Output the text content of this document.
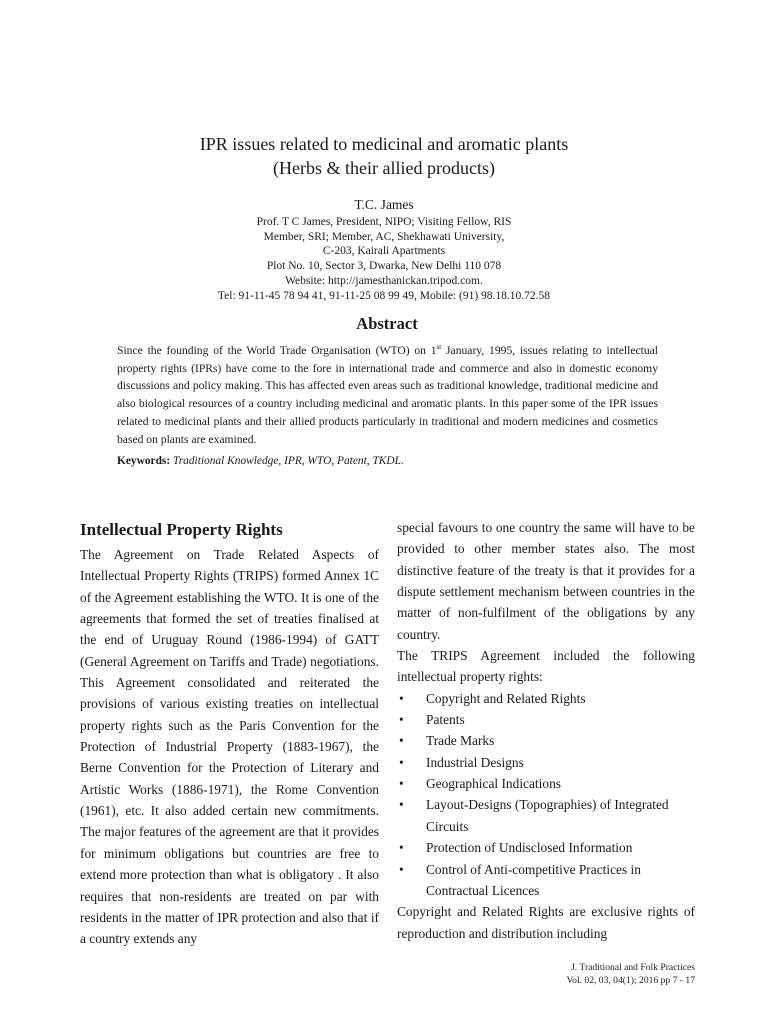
IPR issues related to medicinal and aromatic plants
(Herbs & their allied products)
T.C. James
Prof. T C James, President, NIPO; Visiting Fellow, RIS
Member, SRI; Member, AC, Shekhawati University,
C-203, Kairali Apartments
Plot No. 10, Sector 3, Dwarka, New Delhi 110 078
Website: http://jamesthanickan.tripod.com.
Tel: 91-11-45 78 94 41, 91-11-25 08 99 49, Mobile: (91) 98.18.10.72.58
Abstract
Since the founding of the World Trade Organisation (WTO) on 1st January, 1995, issues relating to intellectual property rights (IPRs) have come to the fore in international trade and commerce and also in domestic economy discussions and policy making. This has affected even areas such as traditional knowledge, traditional medicine and also biological resources of a country including medicinal and aromatic plants. In this paper some of the IPR issues related to medicinal plants and their allied products particularly in traditional and modern medicines and cosmetics based on plants are examined.
Keywords: Traditional Knowledge, IPR, WTO, Patent, TKDL.
Intellectual Property Rights

The Agreement on Trade Related Aspects of Intellectual Property Rights (TRIPS) formed Annex 1C of the Agreement establishing the WTO. It is one of the agreements that formed the set of treaties finalised at the end of Uruguay Round (1986-1994) of GATT (General Agreement on Tariffs and Trade) negotiations. This Agreement consolidated and reiterated the provisions of various existing treaties on intellectual property rights such as the Paris Convention for the Protection of Industrial Property (1883-1967), the Berne Convention for the Protection of Literary and Artistic Works (1886-1971), the Rome Convention (1961), etc. It also added certain new commitments. The major features of the agreement are that it provides for minimum obligations but countries are free to extend more protection than what is obligatory . It also requires that non-residents are treated on par with residents in the matter of IPR protection and also that if a country extends any

special favours to one country the same will have to be provided to other member states also. The most distinctive feature of the treaty is that it provides for a dispute settlement mechanism between countries in the matter of non-fulfilment of the obligations by any country.

The TRIPS Agreement included the following intellectual property rights:

• Copyright and Related Rights
• Patents
• Trade Marks
• Industrial Designs
• Geographical Indications
• Layout-Designs (Topographies) of Integrated Circuits
• Protection of Undisclosed Information
• Control of Anti-competitive Practices in Contractual Licences

Copyright and Related Rights are exclusive rights of reproduction and distribution including

J. Traditional and Folk Practices
Vol. 02, 03, 04(1); 2016 pp 7 - 17
